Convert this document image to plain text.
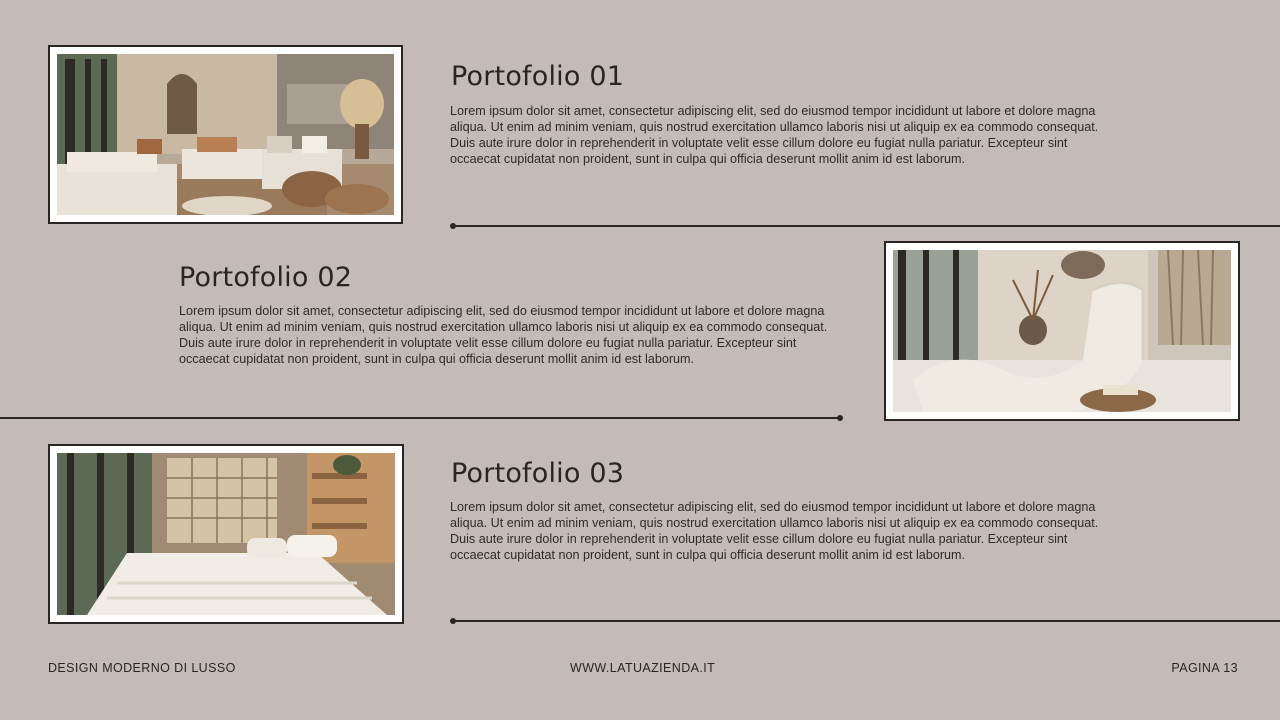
Portofolio 01

Lorem ipsum dolor sit amet, consectetur adipiscing elit, sed do eiusmod tempor incididunt ut labore et dolore magna aliqua. Ut enim ad minim veniam, quis nostrud exercitation ullamco laboris nisi ut aliquip ex ea commodo consequat. Duis aute irure dolor in reprehenderit in voluptate velit esse cillum dolore eu fugiat nulla pariatur. Excepteur sint occaecat cupidatat non proident, sunt in culpa qui officia deserunt mollit anim id est laborum.

Portofolio 02

Lorem ipsum dolor sit amet, consectetur adipiscing elit, sed do eiusmod tempor incididunt ut labore et dolore magna aliqua. Ut enim ad minim veniam, quis nostrud exercitation ullamco laboris nisi ut aliquip ex ea commodo consequat. Duis aute irure dolor in reprehenderit in voluptate velit esse cillum dolore eu fugiat nulla pariatur. Excepteur sint occaecat cupidatat non proident, sunt in culpa qui officia deserunt mollit anim id est laborum.

Portofolio 03

Lorem ipsum dolor sit amet, consectetur adipiscing elit, sed do eiusmod tempor incididunt ut labore et dolore magna aliqua. Ut enim ad minim veniam, quis nostrud exercitation ullamco laboris nisi ut aliquip ex ea commodo consequat. Duis aute irure dolor in reprehenderit in voluptate velit esse cillum dolore eu fugiat nulla pariatur. Excepteur sint occaecat cupidatat non proident, sunt in culpa qui officia deserunt mollit anim id est laborum.

DESIGN MODERNO DI LUSSO	WWW.LATUAZIENDA.IT	PAGINA 13
